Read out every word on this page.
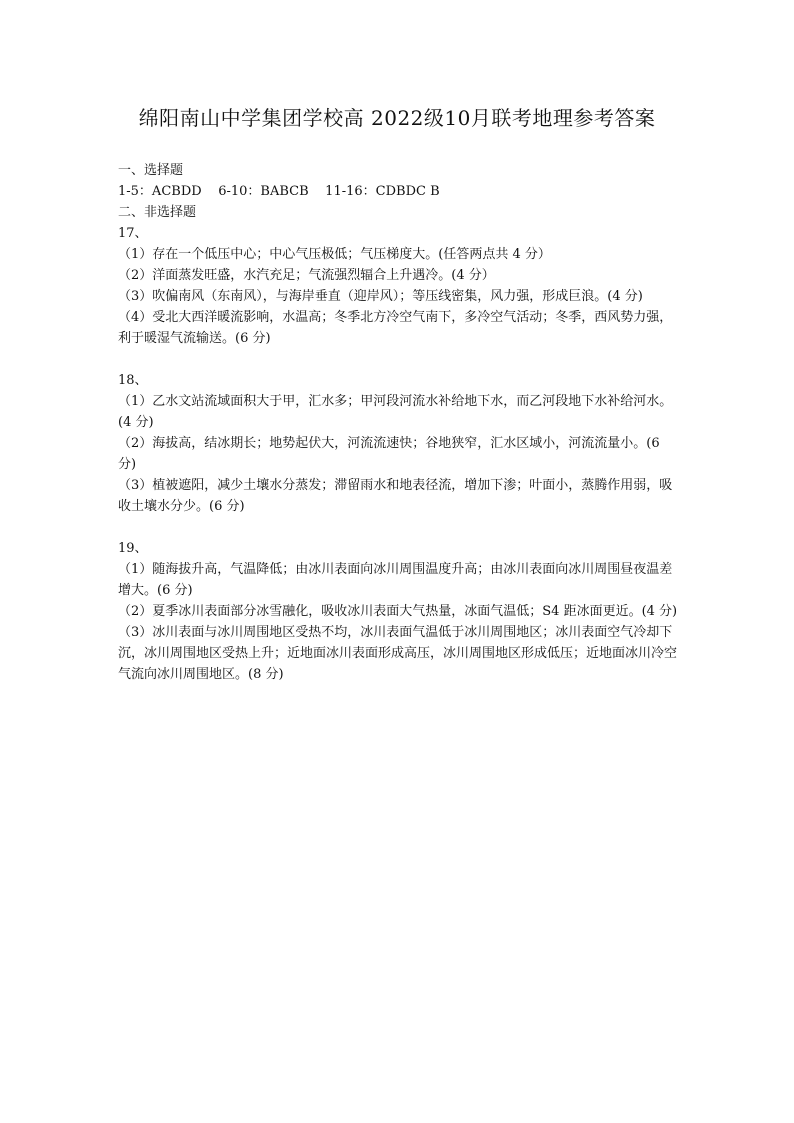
绵阳南山中学集团学校高 2022级10月联考地理参考答案

一、选择题

1-5：ACBDD    6-10：BABCB    11-16：CDBDC B

二、非选择题

17、

（1）存在一个低压中心；中心气压极低；气压梯度大。(任答两点共 4 分）

（2）洋面蒸发旺盛，水汽充足；气流强烈辐合上升遇冷。(4 分）

（3）吹偏南风（东南风），与海岸垂直（迎岸风）；等压线密集，风力强，形成巨浪。(4 分)

（4）受北大西洋暖流影响，水温高；冬季北方冷空气南下，多冷空气活动；冬季，西风势力强，利于暖湿气流输送。(6 分)

18、

（1）乙水文站流域面积大于甲，汇水多；甲河段河流水补给地下水，而乙河段地下水补给河水。(4 分)

（2）海拔高，结冰期长；地势起伏大，河流流速快；谷地狭窄，汇水区域小，河流流量小。(6 分)

（3）植被遮阳，减少土壤水分蒸发；滞留雨水和地表径流，增加下渗；叶面小，蒸腾作用弱，吸收土壤水分少。(6 分)

19、

（1）随海拔升高，气温降低；由冰川表面向冰川周围温度升高；由冰川表面向冰川周围昼夜温差增大。(6 分)

（2）夏季冰川表面部分冰雪融化，吸收冰川表面大气热量，冰面气温低；S4 距冰面更近。(4 分)

（3）冰川表面与冰川周围地区受热不均，冰川表面气温低于冰川周围地区；冰川表面空气冷却下沉，冰川周围地区受热上升；近地面冰川表面形成高压，冰川周围地区形成低压；近地面冰川冷空气流向冰川周围地区。(8 分)
